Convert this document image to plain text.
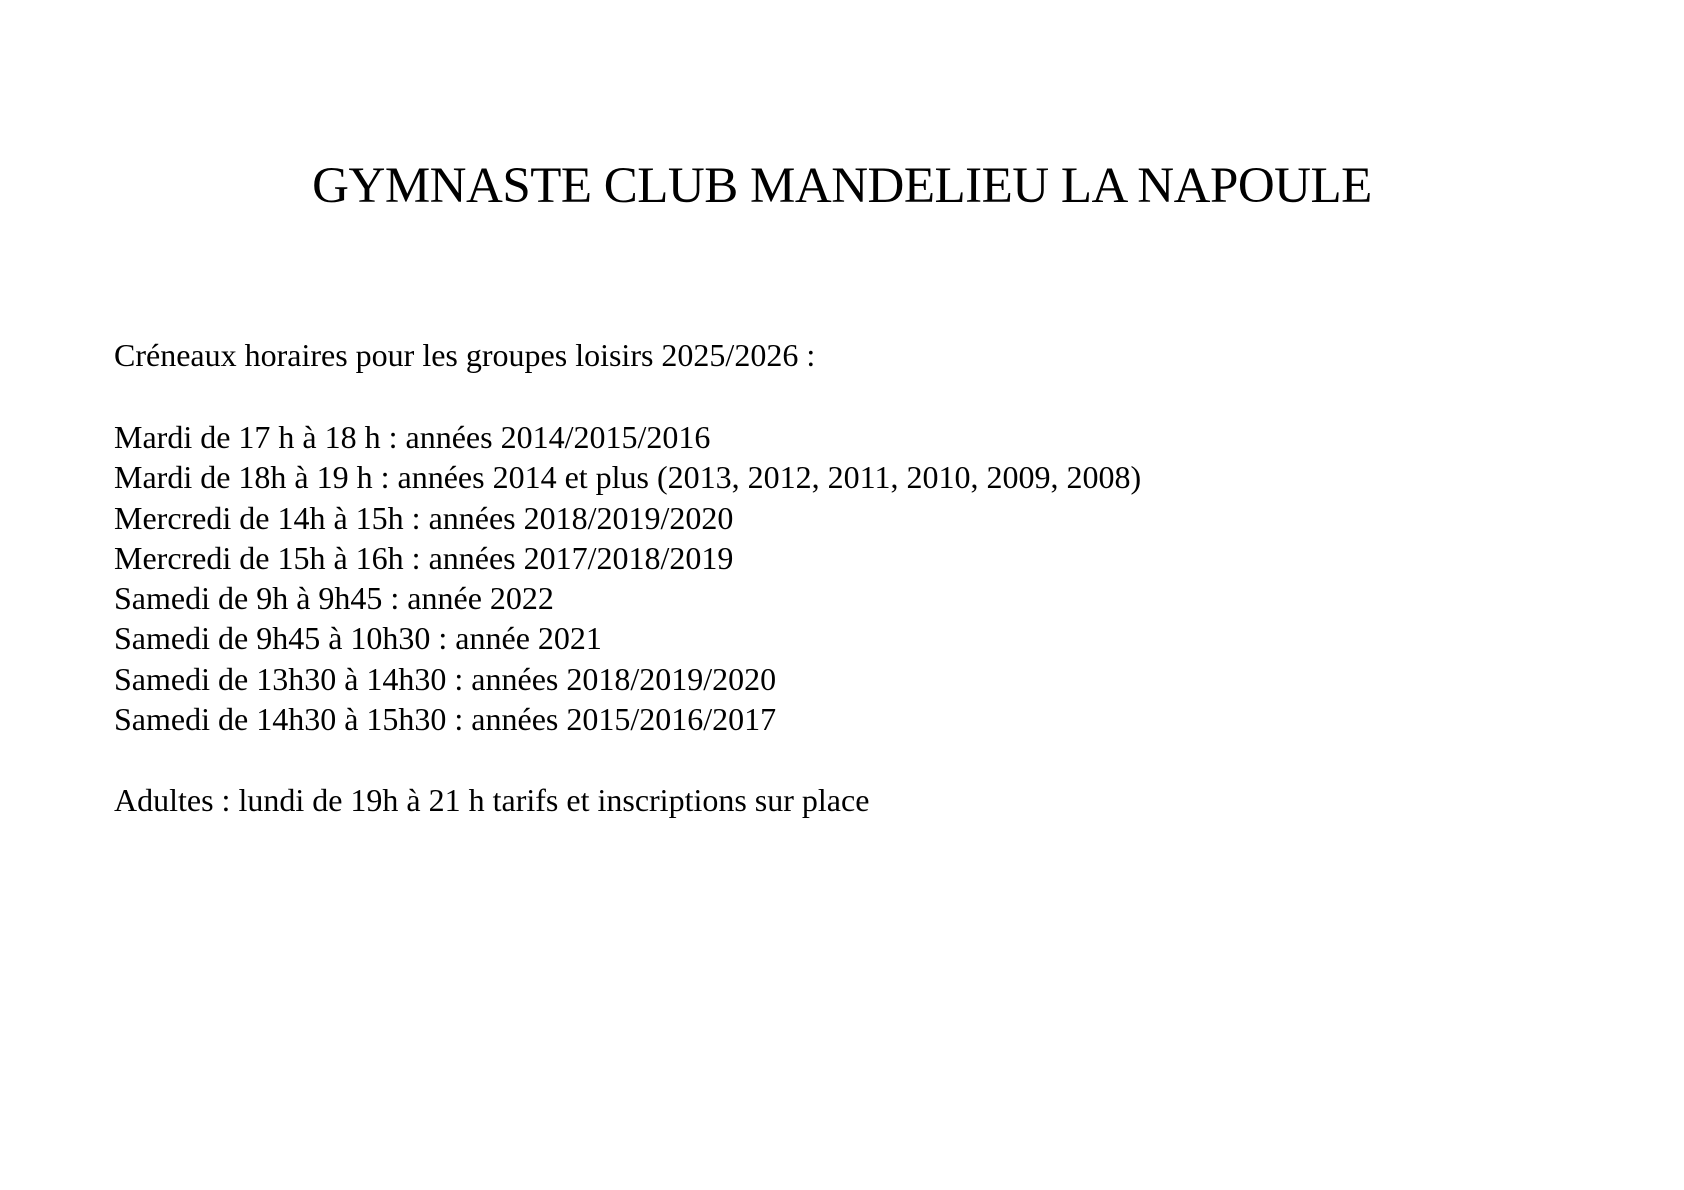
GYMNASTE CLUB MANDELIEU LA NAPOULE
Créneaux horaires pour les groupes loisirs 2025/2026 :
Mardi de 17 h à 18 h : années 2014/2015/2016
Mardi de 18h à 19 h : années 2014 et plus (2013, 2012, 2011, 2010, 2009, 2008)
Mercredi de 14h à 15h : années 2018/2019/2020
Mercredi de 15h à 16h : années 2017/2018/2019
Samedi de 9h à 9h45 : année 2022
Samedi de 9h45 à 10h30 : année 2021
Samedi de 13h30 à 14h30 : années 2018/2019/2020
Samedi de 14h30 à 15h30 : années 2015/2016/2017
Adultes : lundi de 19h à 21 h tarifs et inscriptions sur place
